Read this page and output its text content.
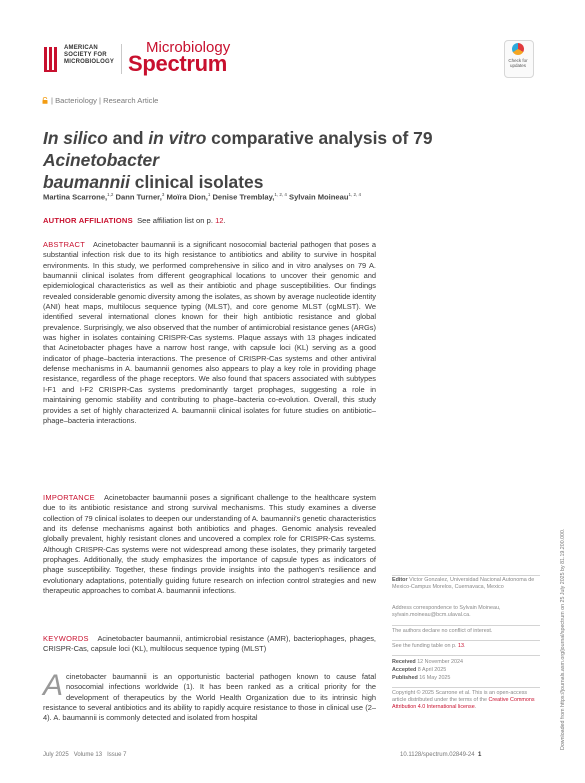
AMERICAN
SOCIETY FOR
MICROBIOLOGY
Microbiology
Spectrum	Check for updates
| Bacteriology | Research Article
In silico and in vitro comparative analysis of 79 Acinetobacter
baumannii clinical isolates
Martina Scarrone,$^{1,2}$ Dann Turner,$^3$ Moïra Dion,$^1$ Denise Tremblay,$^{1, 2, 4}$ Sylvain Moineau$^{1, 2, 4}$
AUTHOR AFFILIATIONS See affiliation list on p. 12.
ABSTRACT Acinetobacter baumannii is a significant nosocomial bacterial pathogen that poses a substantial infection risk due to its high resistance to antibiotics and ability to survive in hospital environments. In this study, we performed comprehensive in silico and in vitro analyses on 79 A. baumannii clinical isolates from different geographical locations to uncover their genomic and epidemiological characteristics as well as their antibiotic and phage susceptibilities. Our findings revealed considerable genomic diversity among the isolates, as shown by average nucleotide identity (ANI) heat maps, multilocus sequence typing (MLST), and core genome MLST (cgMLST). We identified several international clones known for their high antibiotic resistance and global prevalence. Surprisingly, we also observed that the number of antimicrobial resistance genes (ARGs) was higher in isolates containing CRISPR-Cas systems. Plaque assays with 13 phages indicated that Acinetobacter phages have a narrow host range, with capsule loci (KL) serving as a good indicator of phage–bacteria interactions. The presence of CRISPR-Cas systems and other antiviral defense mechanisms in A. baumannii genomes also appears to play a key role in providing phage resistance, regardless of the phage receptors. We also found that spacers associated with subtypes I-F1 and I-F2 CRISPR-Cas systems predominantly target prophages, suggesting a role in maintaining genomic stability and contributing to phage–bacteria co-evolution. Overall, this study provides a set of highly characterized A. baumannii clinical isolates for future studies on antibiotic–phage–bacteria interactions.
IMPORTANCE Acinetobacter baumannii poses a significant challenge to the healthcare system due to its antibiotic resistance and strong survival mechanisms. This study examines a diverse collection of 79 clinical isolates to deepen our understanding of A. baumannii's genetic characteristics and its defense mechanisms against both antibiotics and phages. Genomic analysis revealed globally prevalent, highly resistant clones and uncovered a complex role for CRISPR-Cas systems. Although CRISPR-Cas systems were not widespread among these isolates, they primarily targeted prophages. Additionally, the study emphasizes the importance of capsule types as indicators of phage susceptibility. Together, these findings provide insights into the pathogen's resilience and evolutionary adaptations, potentially guiding future research on infection control strategies and new therapeutic approaches to combat A. baumannii infections.
KEYWORDS Acinetobacter baumannii, antimicrobial resistance (AMR), bacteriophages, phages, CRISPR-Cas, capsule loci (KL), multilocus sequence typing (MLST)
Acinetobacter baumannii is an opportunistic bacterial pathogen known to cause fatal nosocomial infections worldwide (1). It has been ranked as a critical priority for the development of therapeutics by the World Health Organization due to its intrinsic high resistance to several antibiotics and its ability to rapidly acquire resistance to those in clinical use (2–4). A. baumannii is commonly detected and isolated from hospital
Editor Victor Gonzalez, Universidad Nacional Autonoma de Mexico-Campus Morelos, Cuernavaca, Mexico
Address correspondence to Sylvain Moineau, sylvain.moineau@bcm.ulaval.ca.
The authors declare no conflict of interest.
See the funding table on p. 13.
Received 12 November 2024
Accepted 8 April 2025
Published 16 May 2025
Copyright © 2025 Scarrone et al. This is an open-access article distributed under the terms of the Creative Commons Attribution 4.0 International license.	Downloaded from https://journals.asm.org/journal/spectrum on 25 July 2025 by 81.19.200.000.
July 2025 Volume 13 Issue 7	10.1128/spectrum.02849-24 1
